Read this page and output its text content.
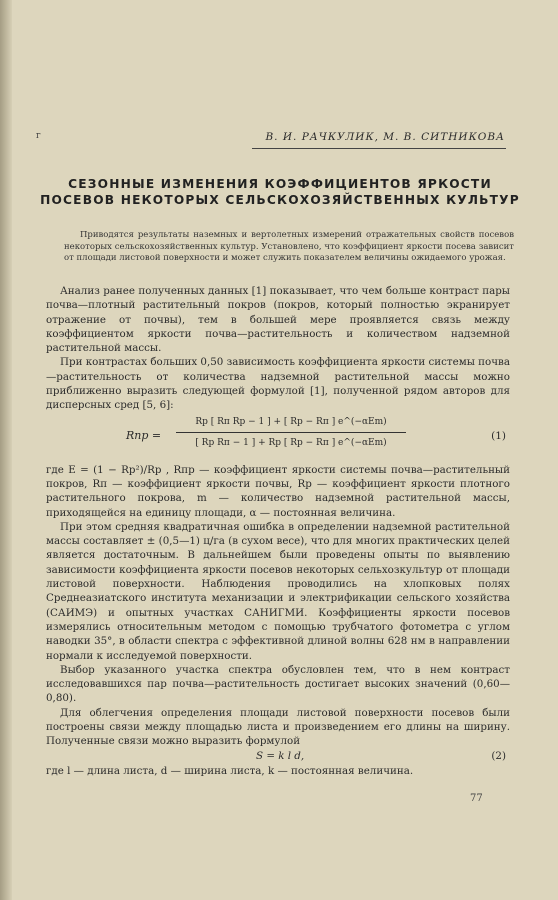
г	В. И. РАЧКУЛИК, М. В. СИТНИКОВА
СЕЗОННЫЕ ИЗМЕНЕНИЯ КОЭФФИЦИЕНТОВ ЯРКОСТИ
ПОСЕВОВ НЕКОТОРЫХ СЕЛЬСКОХОЗЯЙСТВЕННЫХ КУЛЬТУР

Приводятся результаты наземных и вертолетных измерений отражательных свойств посевов некоторых сельскохозяйственных культур. Установлено, что коэффициент яркости посева зависит от площади листовой поверхности и может служить показателем величины ожидаемого урожая.

Анализ ранее полученных данных [1] показывает, что чем больше контраст пары почва—плотный растительный покров (покров, который полностью экранирует отражение от почвы), тем в большей мере проявляется связь между коэффициентом яркости почва—растительность и количеством надземной растительной массы.

При контрастах больших 0,50 зависимость коэффициента яркости системы почва—растительность от количества надземной растительной массы можно приближенно выразить следующей формулой [1], полученной рядом авторов для дисперсных сред [5, 6]:

Rпр =
Rp [ Rп Rp − 1 ] + [ Rp − Rп ] e^(−αEm)
[ Rp Rп − 1 ] + Rp [ Rp − Rп ] e^(−αEm)
(1)

где E = (1 − Rp²)/Rp , Rпр — коэффициент яркости системы почва—растительный покров, Rп — коэффициент яркости почвы, Rp — коэффициент яркости плотного растительного покрова, m — количество надземной растительной массы, приходящейся на единицу площади, α — постоянная величина.

При этом средняя квадратичная ошибка в определении надземной растительной массы составляет ± (0,5—1) ц/га (в сухом весе), что для многих практических целей является достаточным. В дальнейшем были проведены опыты по выявлению зависимости коэффициента яркости посевов некоторых сельхозкультур от площади листовой поверхности. Наблюдения проводились на хлопковых полях Среднеазиатского института механизации и электрификации сельского хозяйства (САИМЭ) и опытных участках САНИГМИ. Коэффициенты яркости посевов измерялись относительным методом с помощью трубчатого фотометра с углом наводки 35°, в области спектра с эффективной длиной волны 628 нм в направлении нормали к исследуемой поверхности.

Выбор указанного участка спектра обусловлен тем, что в нем контраст исследовавшихся пар почва—растительность достигает высоких значений (0,60—0,80).

Для облегчения определения площади листовой поверхности посевов были построены связи между площадью листа и произведением его длины на ширину. Полученные связи можно выразить формулой

S = k l d,	(2)

где l — длина листа, d — ширина листа, k — постоянная величина.

77
